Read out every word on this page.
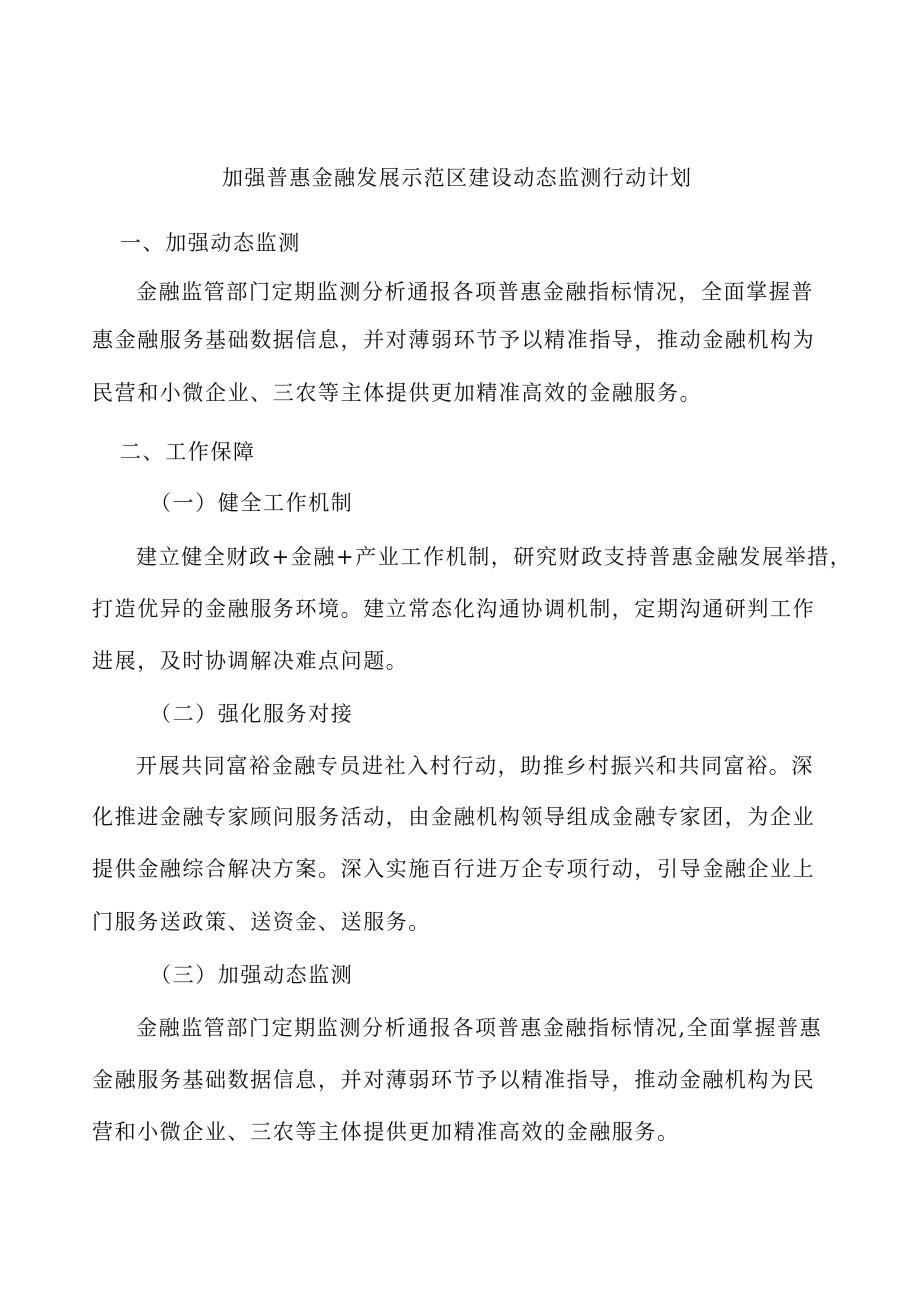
加强普惠金融发展示范区建设动态监测行动计划
一、加强动态监测
金融监管部门定期监测分析通报各项普惠金融指标情况，全面掌握普
惠金融服务基础数据信息，并对薄弱环节予以精准指导，推动金融机构为
民营和小微企业、三农等主体提供更加精准高效的金融服务。
二、工作保障
（一）健全工作机制
建立健全财政+金融+产业工作机制，研究财政支持普惠金融发展举措，
打造优异的金融服务环境。建立常态化沟通协调机制，定期沟通研判工作
进展，及时协调解决难点问题。
（二）强化服务对接
开展共同富裕金融专员进社入村行动，助推乡村振兴和共同富裕。深
化推进金融专家顾问服务活动，由金融机构领导组成金融专家团，为企业
提供金融综合解决方案。深入实施百行进万企专项行动，引导金融企业上
门服务送政策、送资金、送服务。
（三）加强动态监测
金融监管部门定期监测分析通报各项普惠金融指标情况,全面掌握普惠
金融服务基础数据信息，并对薄弱环节予以精准指导，推动金融机构为民
营和小微企业、三农等主体提供更加精准高效的金融服务。
